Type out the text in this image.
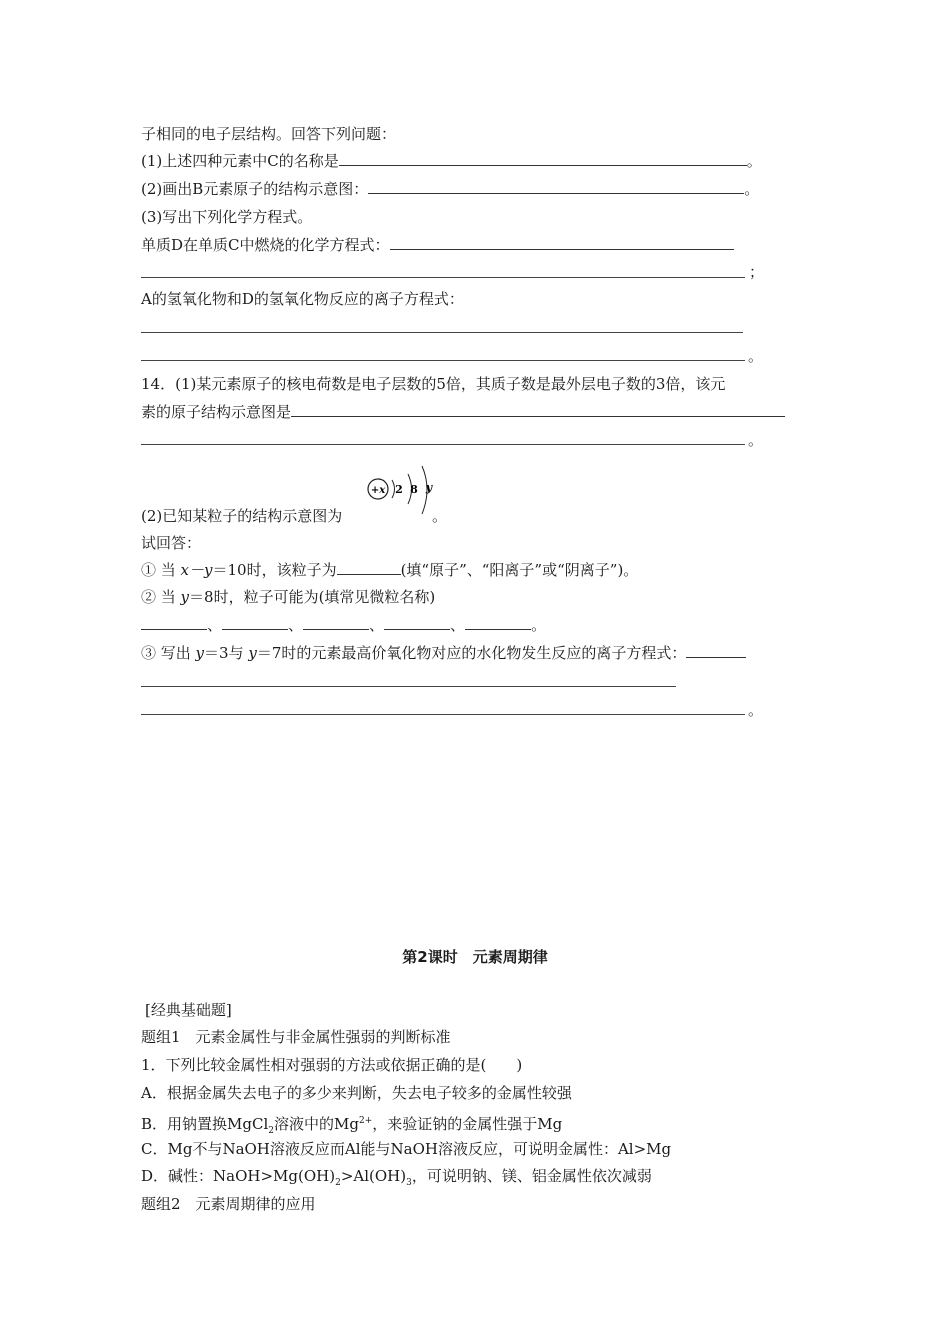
子相同的电子层结构。回答下列问题：
(1)上述四种元素中C的名称是	。
(2)画出B元素原子的结构示意图：	。
(3)写出下列化学方程式。
单质D在单质C中燃烧的化学方程式：
；
A的氢氧化物和D的氢氧化物反应的离子方程式：
。
14．(1)某元素原子的核电荷数是电子层数的5倍，其质子数是最外层电子数的3倍，该元
素的原子结构示意图是
。
(2)已知某粒子的结构示意图为
+x 2 8 y
。
试回答：
① 当 x－y＝10时，该粒子为	(填“原子”、“阳离子”或“阴离子”)。
② 当 y＝8时，粒子可能为(填常见微粒名称)
、	、	、	、	。
③ 写出 y＝3与 y＝7时的元素最高价氧化物对应的水化物发生反应的离子方程式：
。
第2课时　元素周期律
[经典基础题]
题组1　元素金属性与非金属性强弱的判断标准
1．下列比较金属性相对强弱的方法或依据正确的是(　　)
A．根据金属失去电子的多少来判断，失去电子较多的金属性较强
B．用钠置换MgCl$_2$溶液中的$Mg^{2+}$，来验证钠的金属性强于Mg
C．Mg不与NaOH溶液反应而Al能与NaOH溶液反应，可说明金属性：Al>Mg
D．碱性：$NaOH>Mg(OH)_2>Al(OH)_3$，可说明钠、镁、铝金属性依次减弱
题组2　元素周期律的应用
